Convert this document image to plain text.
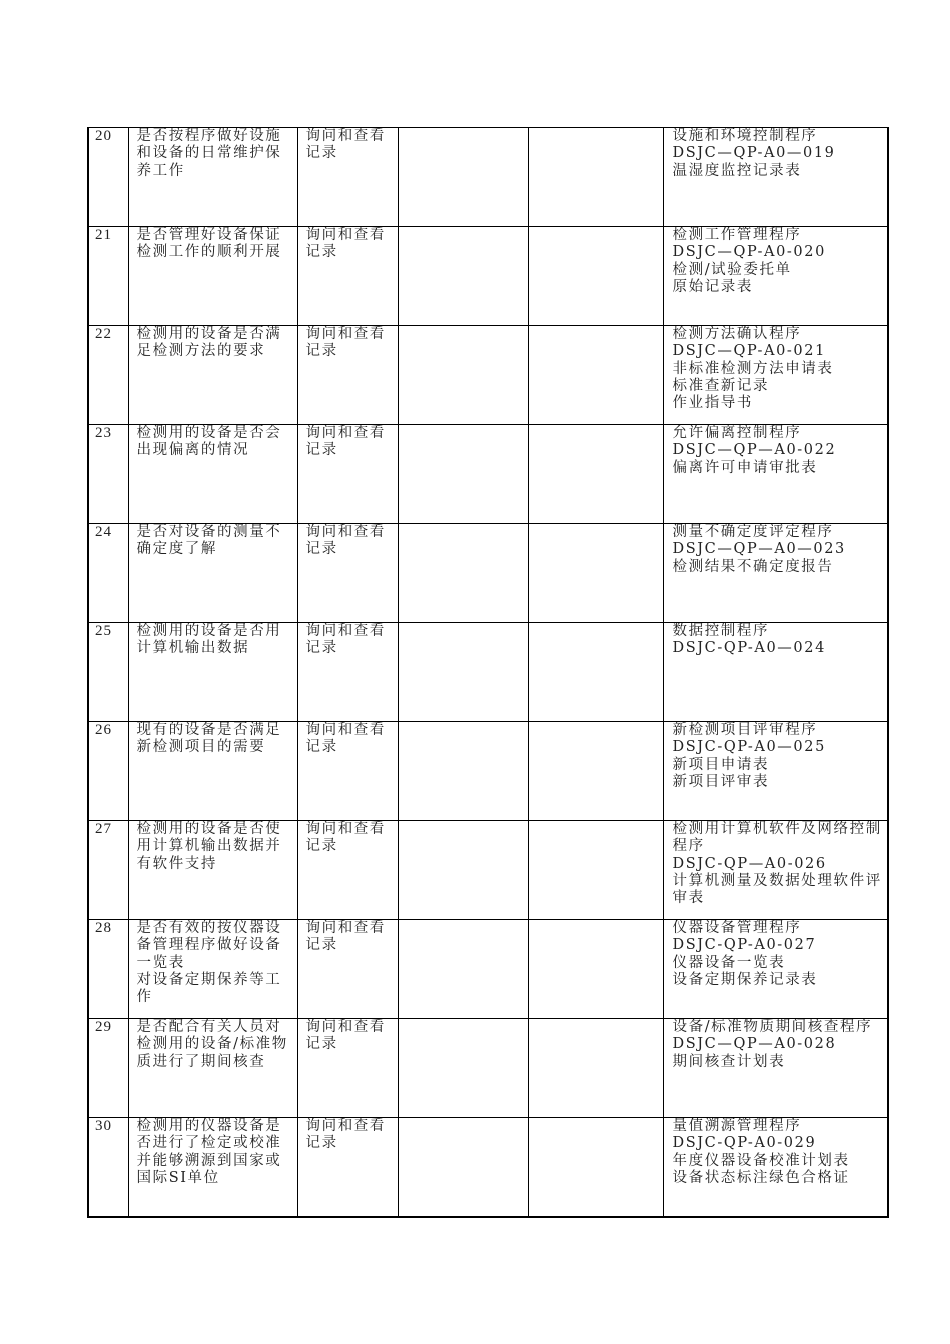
20	是否按程序做好设施和设备的日常维护保养工作	询问和查看记录			设施和环境控制程序
DSJC—QP-A0—019
温湿度监控记录表
21	是否管理好设备保证检测工作的顺利开展	询问和查看记录			检测工作管理程序
DSJC—QP-A0-020
检测/试验委托单
原始记录表
22	检测用的设备是否满足检测方法的要求	询问和查看记录			检测方法确认程序
DSJC—QP-A0-021
非标准检测方法申请表
标准查新记录
作业指导书
23	检测用的设备是否会出现偏离的情况	询问和查看记录			允许偏离控制程序
DSJC—QP—A0-022
偏离许可申请审批表
24	是否对设备的测量不确定度了解	询问和查看记录			测量不确定度评定程序
DSJC—QP—A0—023
检测结果不确定度报告
25	检测用的设备是否用计算机输出数据	询问和查看记录			数据控制程序
DSJC-QP-A0—024
26	现有的设备是否满足新检测项目的需要	询问和查看记录			新检测项目评审程序
DSJC-QP-A0—025
新项目申请表
新项目评审表
27	检测用的设备是否使用计算机输出数据并有软件支持	询问和查看记录			检测用计算机软件及网络控制程序
DSJC-QP—A0-026
计算机测量及数据处理软件评审表
28	是否有效的按仪器设备管理程序做好设备一览表
对设备定期保养等工作	询问和查看记录			仪器设备管理程序
DSJC-QP-A0-027
仪器设备一览表
设备定期保养记录表
29	是否配合有关人员对检测用的设备/标准物质进行了期间核查	询问和查看记录			设备/标准物质期间核查程序
DSJC—QP—A0-028
期间核查计划表
30	检测用的仪器设备是否进行了检定或校准并能够溯源到国家或国际SI单位	询问和查看记录			量值溯源管理程序
DSJC-QP-A0-029
年度仪器设备校准计划表
设备状态标注绿色合格证
